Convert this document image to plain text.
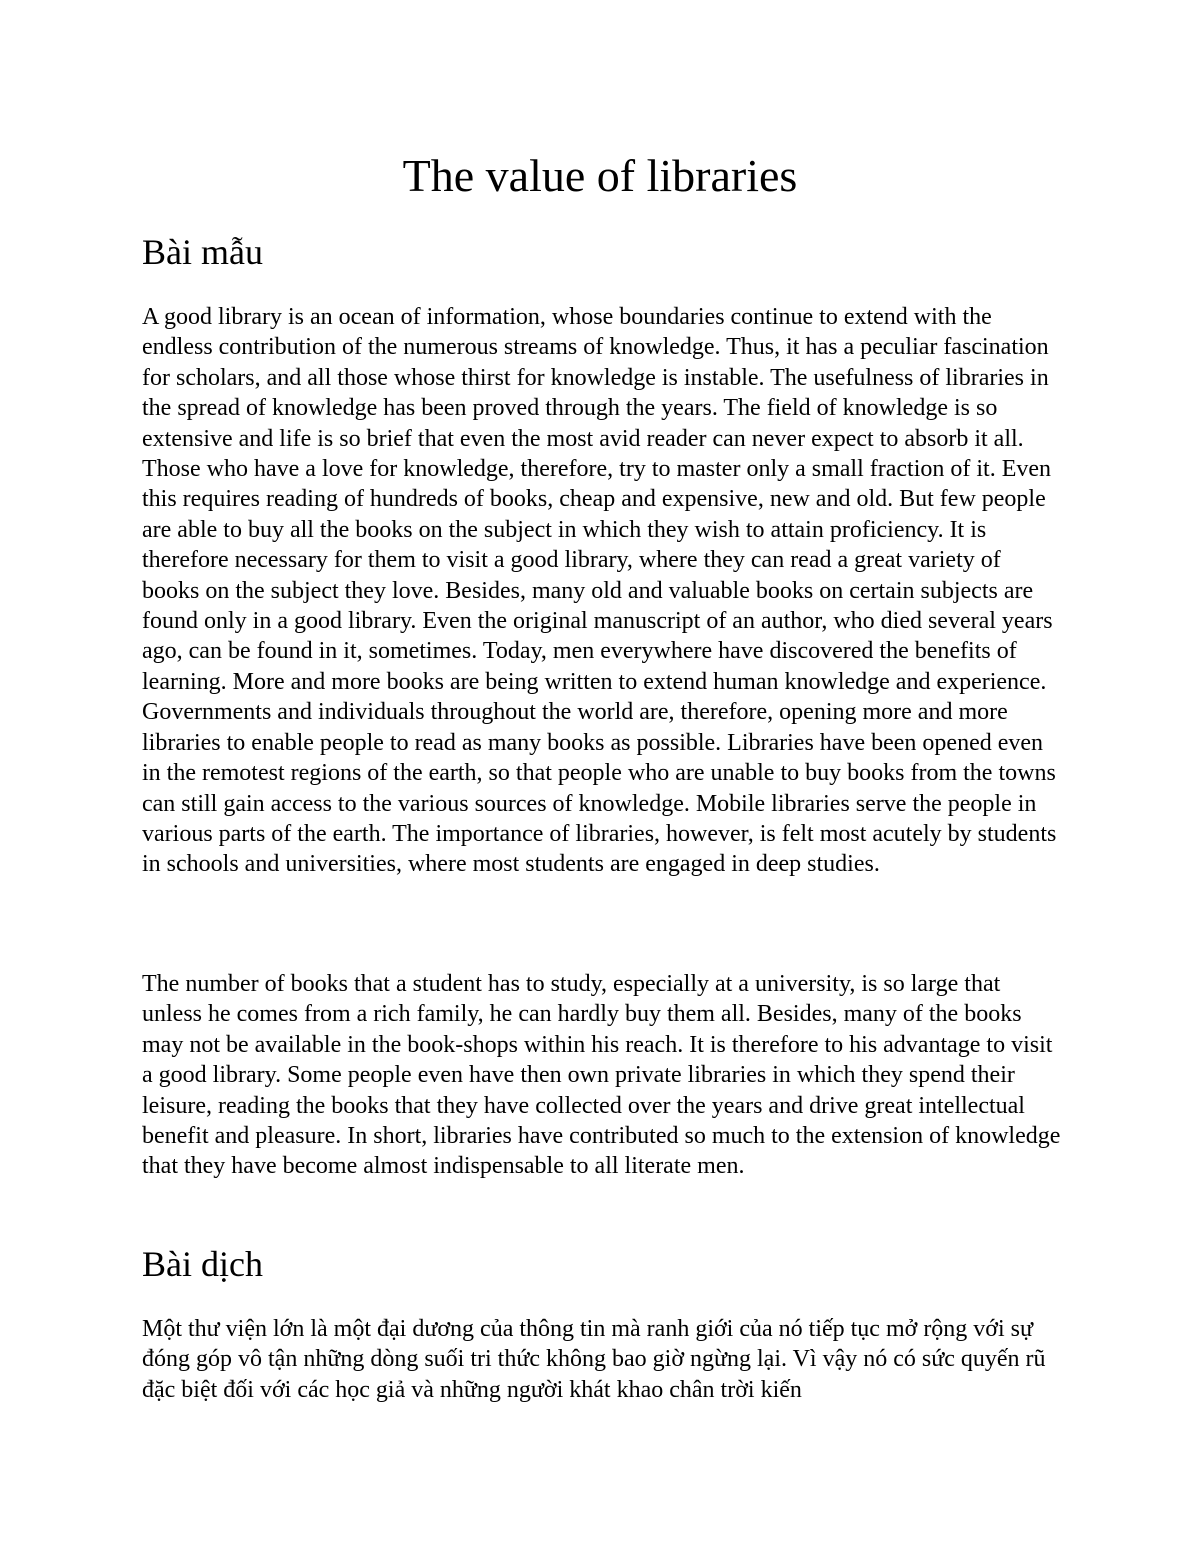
The value of libraries
Bài mẫu

A good library is an ocean of information, whose boundaries continue to extend with the endless contribution of the numerous streams of knowledge. Thus, it has a peculiar fascination for scholars, and all those whose thirst for knowledge is instable. The usefulness of libraries in the spread of knowledge has been proved through the years. The field of knowledge is so extensive and life is so brief that even the most avid reader can never expect to absorb it all. Those who have a love for knowledge, therefore, try to master only a small fraction of it. Even this requires reading of hundreds of books, cheap and expensive, new and old. But few people are able to buy all the books on the subject in which they wish to attain proficiency. It is therefore necessary for them to visit a good library, where they can read a great variety of books on the subject they love. Besides, many old and valuable books on certain subjects are found only in a good library. Even the original manuscript of an author, who died several years ago, can be found in it, sometimes. Today, men everywhere have discovered the benefits of learning. More and more books are being written to extend human knowledge and experience. Governments and individuals throughout the world are, therefore, opening more and more libraries to enable people to read as many books as possible. Libraries have been opened even in the remotest regions of the earth, so that people who are unable to buy books from the towns can still gain access to the various sources of knowledge. Mobile libraries serve the people in various parts of the earth. The importance of libraries, however, is felt most acutely by students in schools and universities, where most students are engaged in deep studies.

The number of books that a student has to study, especially at a university, is so large that unless he comes from a rich family, he can hardly buy them all. Besides, many of the books may not be available in the book-shops within his reach. It is therefore to his advantage to visit a good library. Some people even have then own private libraries in which they spend their leisure, reading the books that they have collected over the years and drive great intellectual benefit and pleasure. In short, libraries have contributed so much to the extension of knowledge that they have become almost indispensable to all literate men.

Bài dịch

Một thư viện lớn là một đại dương của thông tin mà ranh giới của nó tiếp tục mở rộng với sự đóng góp vô tận những dòng suối tri thức không bao giờ ngừng lại. Vì vậy nó có sức quyến rũ đặc biệt đối với các học giả và những người khát khao chân trời kiến
